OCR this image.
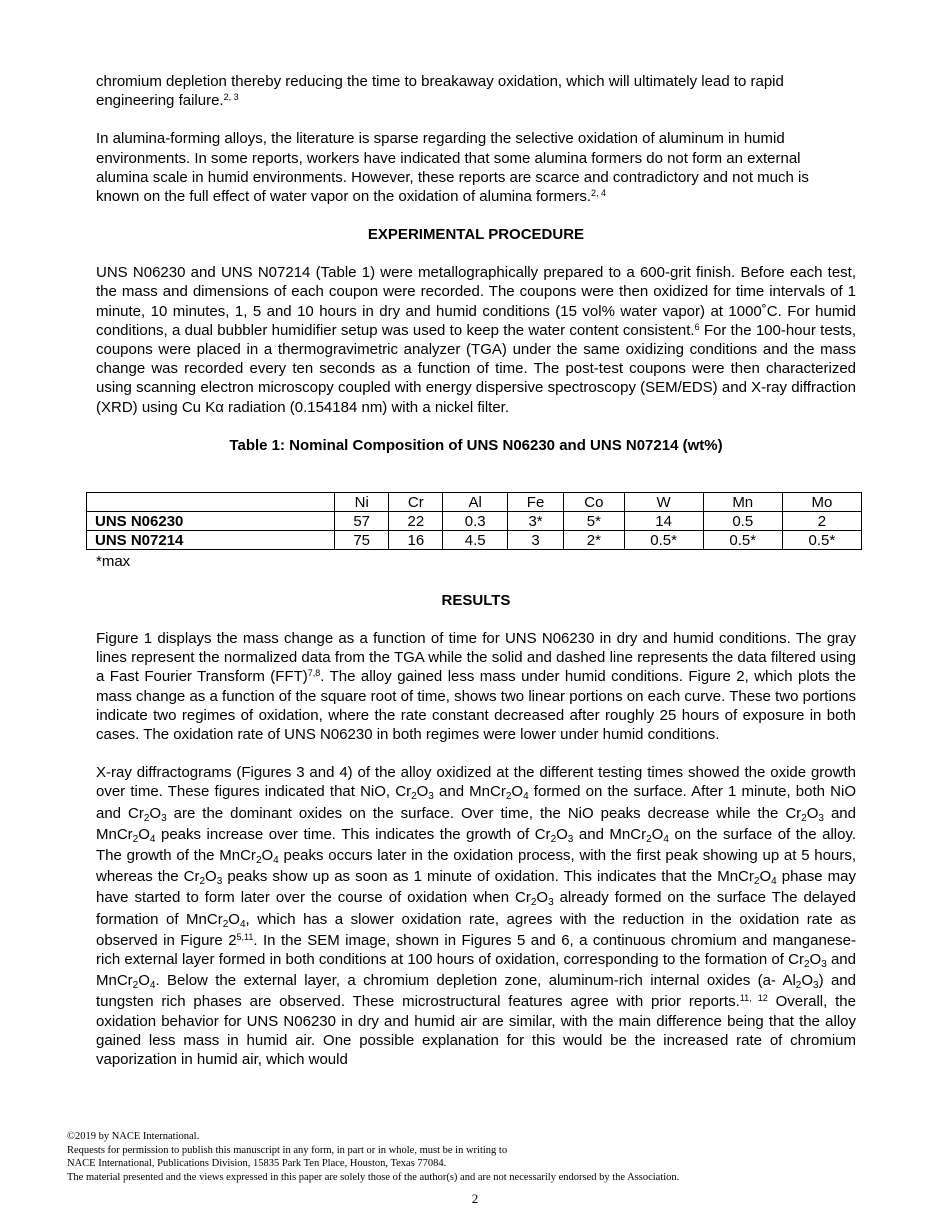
chromium depletion thereby reducing the time to breakaway oxidation, which will ultimately lead to rapid engineering failure.$^{2, 3}$

In alumina-forming alloys, the literature is sparse regarding the selective oxidation of aluminum in humid environments. In some reports, workers have indicated that some alumina formers do not form an external alumina scale in humid environments. However, these reports are scarce and contradictory and not much is known on the full effect of water vapor on the oxidation of alumina formers.$^{2, 4}$

EXPERIMENTAL PROCEDURE

UNS N06230 and UNS N07214 (Table 1) were metallographically prepared to a 600-grit finish. Before each test, the mass and dimensions of each coupon were recorded. The coupons were then oxidized for time intervals of 1 minute, 10 minutes, 1, 5 and 10 hours in dry and humid conditions (15 vol% water vapor) at 1000˚C. For humid conditions, a dual bubbler humidifier setup was used to keep the water content consistent.$^6$ For the 100-hour tests, coupons were placed in a thermogravimetric analyzer (TGA) under the same oxidizing conditions and the mass change was recorded every ten seconds as a function of time. The post-test coupons were then characterized using scanning electron microscopy coupled with energy dispersive spectroscopy (SEM/EDS) and X-ray diffraction (XRD) using Cu Kα radiation (0.154184 nm) with a nickel filter.

Table 1: Nominal Composition of UNS N06230 and UNS N07214 (wt%)

	Ni	Cr	Al	Fe	Co	W	Mn	Mo
UNS N06230	57	22	0.3	3*	5*	14	0.5	2
UNS N07214	75	16	4.5	3	2*	0.5*	0.5*	0.5*
*max

RESULTS

Figure 1 displays the mass change as a function of time for UNS N06230 in dry and humid conditions. The gray lines represent the normalized data from the TGA while the solid and dashed line represents the data filtered using a Fast Fourier Transform (FFT)$^{7,8}$. The alloy gained less mass under humid conditions. Figure 2, which plots the mass change as a function of the square root of time, shows two linear portions on each curve. These two portions indicate two regimes of oxidation, where the rate constant decreased after roughly 25 hours of exposure in both cases. The oxidation rate of UNS N06230 in both regimes were lower under humid conditions.

X-ray diffractograms (Figures 3 and 4) of the alloy oxidized at the different testing times showed the oxide growth over time. These figures indicated that NiO, $Cr_2O_3$ and $MnCr_2O_4$ formed on the surface. After 1 minute, both NiO and $Cr_2O_3$ are the dominant oxides on the surface. Over time, the NiO peaks decrease while the $Cr_2O_3$ and $MnCr_2O_4$ peaks increase over time. This indicates the growth of $Cr_2O_3$ and $MnCr_2O_4$ on the surface of the alloy. The growth of the $MnCr_2O_4$ peaks occurs later in the oxidation process, with the first peak showing up at 5 hours, whereas the $Cr_2O_3$ peaks show up as soon as 1 minute of oxidation. This indicates that the $MnCr_2O_4$ phase may have started to form later over the course of oxidation when $Cr_2O_3$ already formed on the surface The delayed formation of $MnCr_2O_4$, which has a slower oxidation rate, agrees with the reduction in the oxidation rate as observed in Figure 2$^{5,11}$. In the SEM image, shown in Figures 5 and 6, a continuous chromium and manganese-rich external layer formed in both conditions at 100 hours of oxidation, corresponding to the formation of $Cr_2O_3$ and $MnCr_2O_4$. Below the external layer, a chromium depletion zone, aluminum-rich internal oxides (a- $Al_2O_3$) and tungsten rich phases are observed. These microstructural features agree with prior reports.$^{11, 12}$ Overall, the oxidation behavior for UNS N06230 in dry and humid air are similar, with the main difference being that the alloy gained less mass in humid air. One possible explanation for this would be the increased rate of chromium vaporization in humid air, which would

©2019 by NACE International.
Requests for permission to publish this manuscript in any form, in part or in whole, must be in writing to
NACE International, Publications Division, 15835 Park Ten Place, Houston, Texas 77084.
The material presented and the views expressed in this paper are solely those of the author(s) and are not necessarily endorsed by the Association.
2
